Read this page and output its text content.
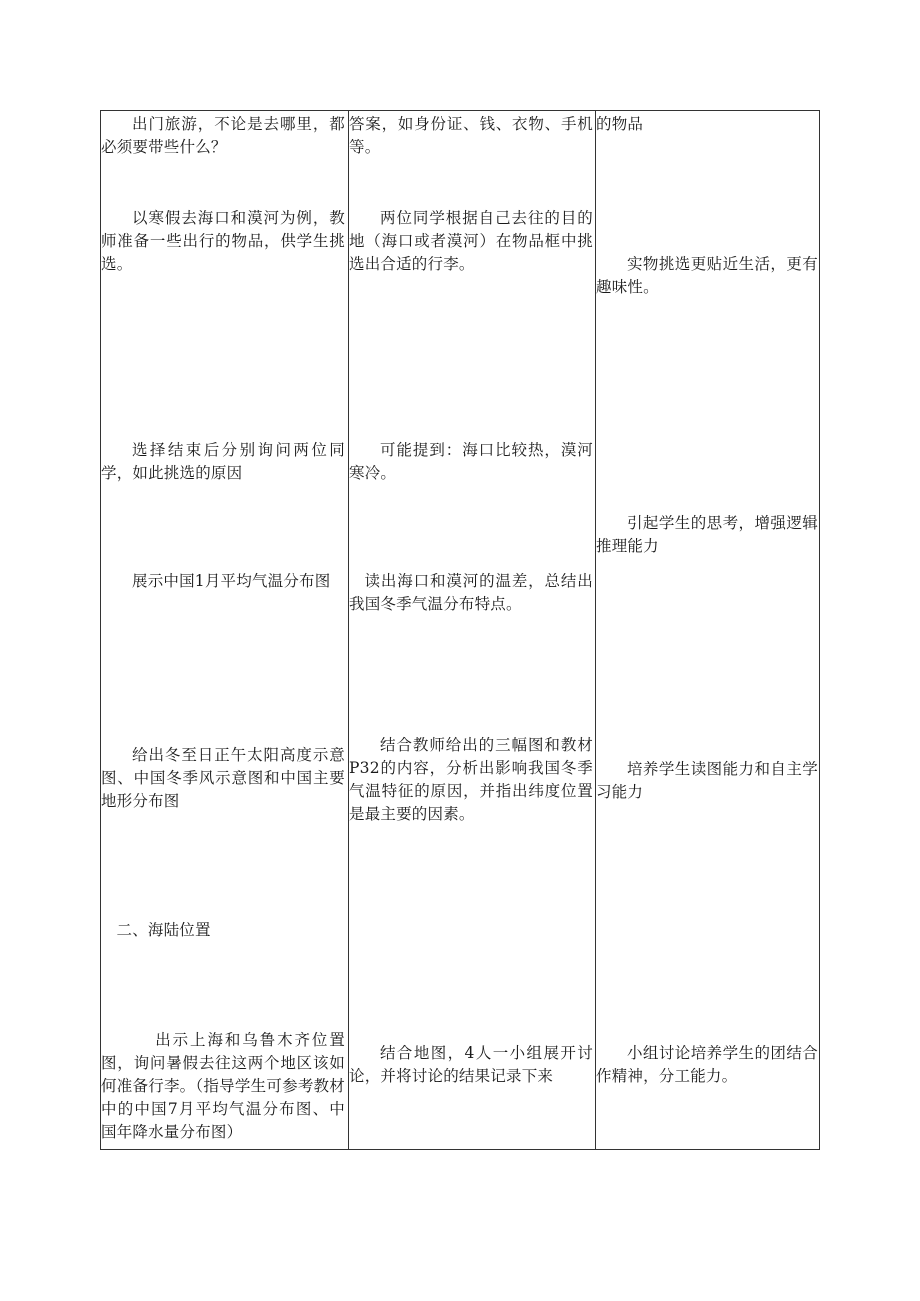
出门旅游，不论是去哪里，都必须要带些什么？

答案，如身份证、钱、衣物、手机等。

的物品

以寒假去海口和漠河为例，教师准备一些出行的物品，供学生挑选。

两位同学根据自己去往的目的地（海口或者漠河）在物品框中挑选出合适的行李。	实物挑选更贴近生活，更有趣味性。

选择结束后分别询问两位同学，如此挑选的原因

可能提到：海口比较热，漠河寒冷。

引起学生的思考，增强逻辑推理能力

展示中国1月平均气温分布图	读出海口和漠河的温差，总结出我国冬季气温分布特点。

给出冬至日正午太阳高度示意图、中国冬季风示意图和中国主要地形分布图

结合教师给出的三幅图和教材P32的内容，分析出影响我国冬季气温特征的原因，并指出纬度位置是最主要的因素。

培养学生读图能力和自主学习能力

二、海陆位置

出示上海和乌鲁木齐位置图，询问暑假去往这两个地区该如何准备行李。（指导学生可参考教材中的中国7月平均气温分布图、中国年降水量分布图）

结合地图，4人一小组展开讨论，并将讨论的结果记录下来

小组讨论培养学生的团结合作精神，分工能力。
